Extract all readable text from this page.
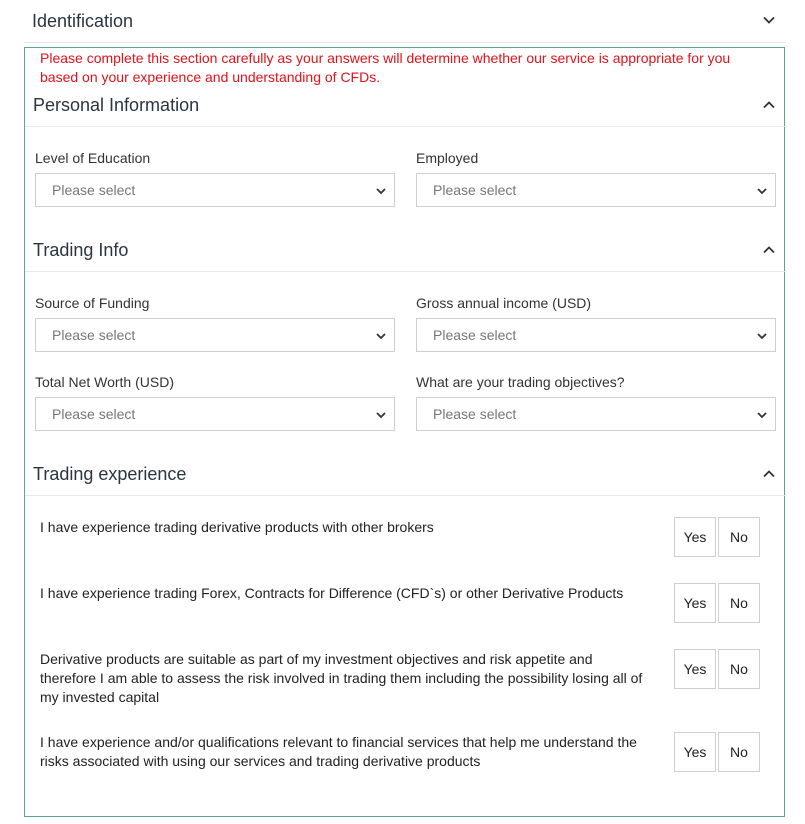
Identification
Please complete this section carefully as your answers will determine whether our service is appropriate for you based on your experience and understanding of CFDs.
Personal Information
Level of Education
Please select
Employed
Please select
Trading Info
Source of Funding
Please select
Gross annual income (USD)
Please select
Total Net Worth (USD)
Please select
What are your trading objectives?
Please select
Trading experience
I have experience trading derivative products with other brokers
Yes	No
I have experience trading Forex, Contracts for Difference (CFD`s) or other Derivative Products
Yes	No
Derivative products are suitable as part of my investment objectives and risk appetite and therefore I am able to assess the risk involved in trading them including the possibility losing all of my invested capital
Yes	No
I have experience and/or qualifications relevant to financial services that help me understand the risks associated with using our services and trading derivative products
Yes	No
